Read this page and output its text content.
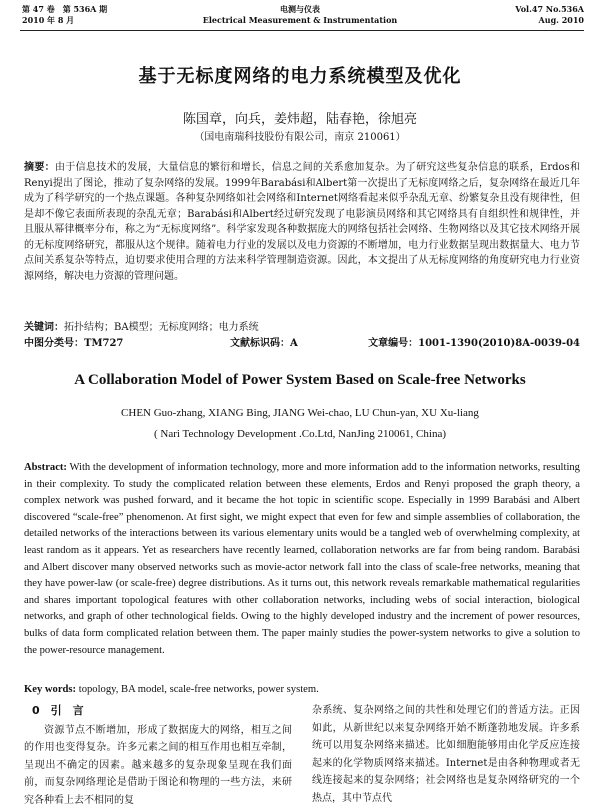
第 47 卷　第 536A 期
2010 年 8 月
电测与仪表
Electrical Measurement & Instrumentation
Vol.47 No.536A
Aug. 2010
基于无标度网络的电力系统模型及优化
陈国章，向兵，姜炜超，陆春艳，徐旭亮
（国电南瑞科技股份有限公司，南京 210061）

摘要：由于信息技术的发展，大量信息的繁衍和增长，信息之间的关系愈加复杂。为了研究这些复杂信息的联系，Erdos和Renyi提出了图论，推动了复杂网络的发展。1999年Barabási和Albert第一次提出了无标度网络之后，复杂网络在最近几年成为了科学研究的一个热点课题。各种复杂网络如社会网络和Internet网络看起来似乎杂乱无章、纷繁复杂且没有规律性，但是却不像它表面所表现的杂乱无章；Barabási和Albert经过研究发现了电影演员网络和其它网络具有自组织性和规律性，并且服从幂律概率分布，称之为“无标度网络”。科学家发现各种数据庞大的网络包括社会网络、生物网络以及其它技术网络开展的无标度网络研究，都服从这个规律。随着电力行业的发展以及电力资源的不断增加，电力行业数据呈现出数据量大、电力节点间关系复杂等特点，迫切要求使用合理的方法来科学管理制造资源。因此，本文提出了从无标度网络的角度研究电力行业资源网络，解决电力资源的管理问题。

关键词：拓扑结构；BA模型；无标度网络；电力系统
中图分类号：TM727	文献标识码：A	文章编号：1001-1390(2010)8A-0039-04
A Collaboration Model of Power System Based on Scale-free Networks
CHEN Guo-zhang, XIANG Bing, JIANG Wei-chao, LU Chun-yan, XU Xu-liang
( Nari Technology Development .Co.Ltd, NanJing 210061, China)

Abstract: With the development of information technology, more and more information add to the information networks, resulting in their complexity. To study the complicated relation between these elements, Erdos and Renyi proposed the graph theory, a complex network was pushed forward, and it became the hot topic in scientific scope. Especially in 1999 Barabási and Albert discovered “scale-free” phenomenon. At first sight, we might expect that even for few and simple assemblies of collaboration, the detailed networks of the interactions between its various elementary units would be a tangled web of overwhelming complexity, at least random as it appears. Yet as researchers have recently learned, collaboration networks are far from being random. Barabási and Albert discover many observed networks such as movie-actor network fall into the class of scale-free networks, meaning that they have power-law (or scale-free) degree distributions. As it turns out, this network reveals remarkable mathematical regularities and shares important topological features with other collaboration networks, including webs of social interaction, biological networks, and graph of other technological fields. Owing to the highly developed industry and the increment of power resources, bulks of data form complicated relation between them. The paper mainly studies the power-system networks to give a solution to the power-resource management.

Key words: topology, BA model, scale-free networks, power system.
0　引　言

资源节点不断增加，形成了数据庞大的网络，相互之间的作用也变得复杂。许多元素之间的相互作用也相互牵制，呈现出不确定的因素。越来越多的复杂现象呈现在我们面前，而复杂网络理论是借助于图论和物理的一些方法，来研究各种看上去不相同的复

杂系统、复杂网络之间的共性和处理它们的普适方法。正因如此，从新世纪以来复杂网络开始不断蓬勃地发展。许多系统可以用复杂网络来描述。比如细胞能够用由化学反应连接起来的化学物质网络来描述。Internet是由各种物理或者无线连接起来的复杂网络；社会网络也是复杂网络研究的一个热点，其中节点代
